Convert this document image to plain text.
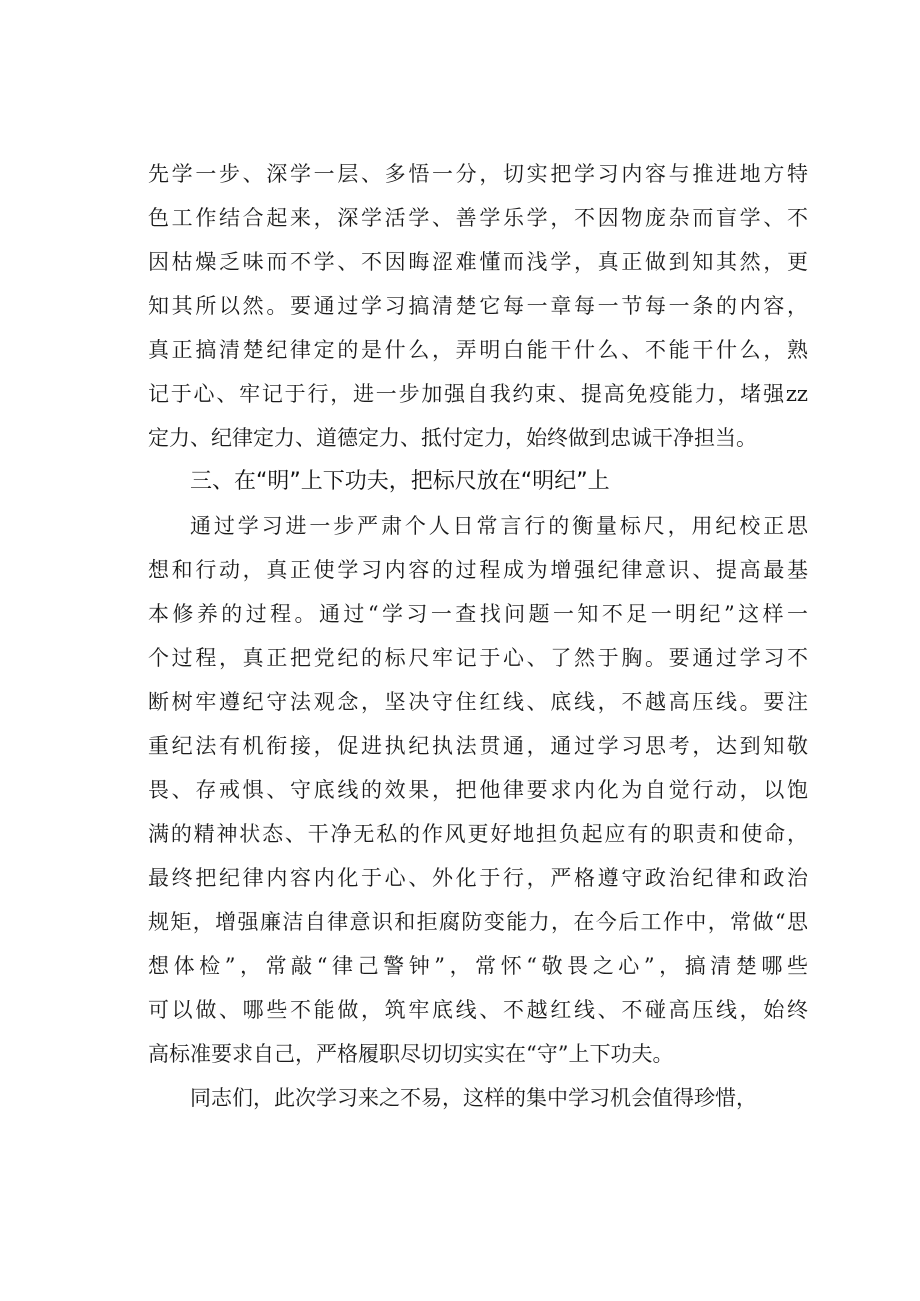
先学一步、深学一层、多悟一分，切实把学习内容与推进地方特
色工作结合起来，深学活学、善学乐学，不因物庞杂而盲学、不
因枯燥乏味而不学、不因晦涩难懂而浅学，真正做到知其然，更
知其所以然。要通过学习搞清楚它每一章每一节每一条的内容，
真正搞清楚纪律定的是什么，弄明白能干什么、不能干什么，熟
记于心、牢记于行，进一步加强自我约束、提高免疫能力，堵强zz
定力、纪律定力、道德定力、抵付定力，始终做到忠诚干净担当。
三、在“明”上下功夫，把标尺放在“明纪”上
通过学习进一步严肃个人日常言行的衡量标尺，用纪校正思
想和行动，真正使学习内容的过程成为增强纪律意识、提高最基
本修养的过程。通过“学习一查找问题一知不足一明纪”这样一
个过程，真正把党纪的标尺牢记于心、了然于胸。要通过学习不
断树牢遵纪守法观念，坚决守住红线、底线，不越高压线。要注
重纪法有机衔接，促进执纪执法贯通，通过学习思考，达到知敬
畏、存戒惧、守底线的效果，把他律要求内化为自觉行动，以饱
满的精神状态、干净无私的作风更好地担负起应有的职责和使命，
最终把纪律内容内化于心、外化于行，严格遵守政治纪律和政治
规矩，增强廉洁自律意识和拒腐防变能力，在今后工作中，常做“思
想体检”，常敲“律己警钟”，常怀“敬畏之心”，搞清楚哪些
可以做、哪些不能做，筑牢底线、不越红线、不碰高压线，始终
高标准要求自己，严格履职尽切切实实在“守”上下功夫。
同志们，此次学习来之不易，这样的集中学习机会值得珍惜，
